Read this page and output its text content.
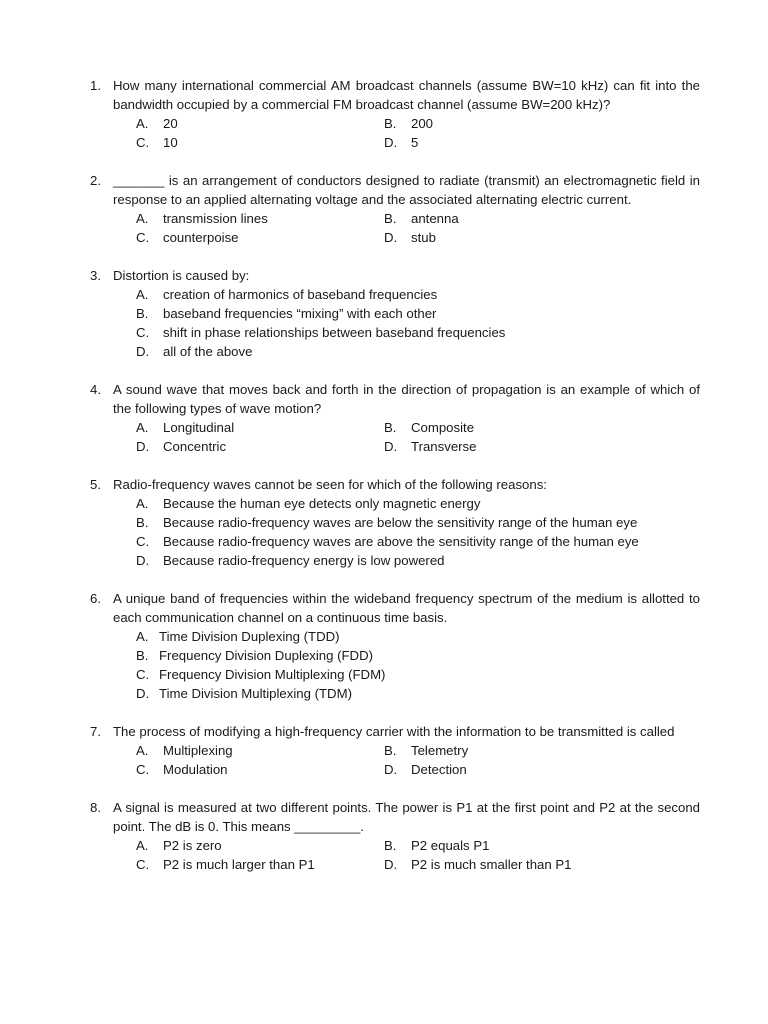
1. How many international commercial AM broadcast channels (assume BW=10 kHz) can fit into the bandwidth occupied by a commercial FM broadcast channel (assume BW=200 kHz)?
A. 20	B. 200
C. 10	D. 5
2. _______ is an arrangement of conductors designed to radiate (transmit) an electromagnetic field in response to an applied alternating voltage and the associated alternating electric current.
A. transmission lines	B. antenna
C. counterpoise	D. stub
3. Distortion is caused by:
A. creation of harmonics of baseband frequencies
B. baseband frequencies “mixing” with each other
C. shift in phase relationships between baseband frequencies
D. all of the above
4. A sound wave that moves back and forth in the direction of propagation is an example of which of the following types of wave motion?
A. Longitudinal	B. Composite
D. Concentric	D. Transverse
5. Radio-frequency waves cannot be seen for which of the following reasons:
A. Because the human eye detects only magnetic energy
B. Because radio-frequency waves are below the sensitivity range of the human eye
C. Because radio-frequency waves are above the sensitivity range of the human eye
D. Because radio-frequency energy is low powered
6. A unique band of frequencies within the wideband frequency spectrum of the medium is allotted to each communication channel on a continuous time basis.
A. Time Division Duplexing (TDD)
B. Frequency Division Duplexing (FDD)
C. Frequency Division Multiplexing (FDM)
D. Time Division Multiplexing (TDM)
7. The process of modifying a high-frequency carrier with the information to be transmitted is called
A. Multiplexing	B. Telemetry
C. Modulation	D. Detection
8. A signal is measured at two different points. The power is P1 at the first point and P2 at the second point. The dB is 0. This means _________.
A. P2 is zero	B. P2 equals P1
C. P2 is much larger than P1	D. P2 is much smaller than P1
